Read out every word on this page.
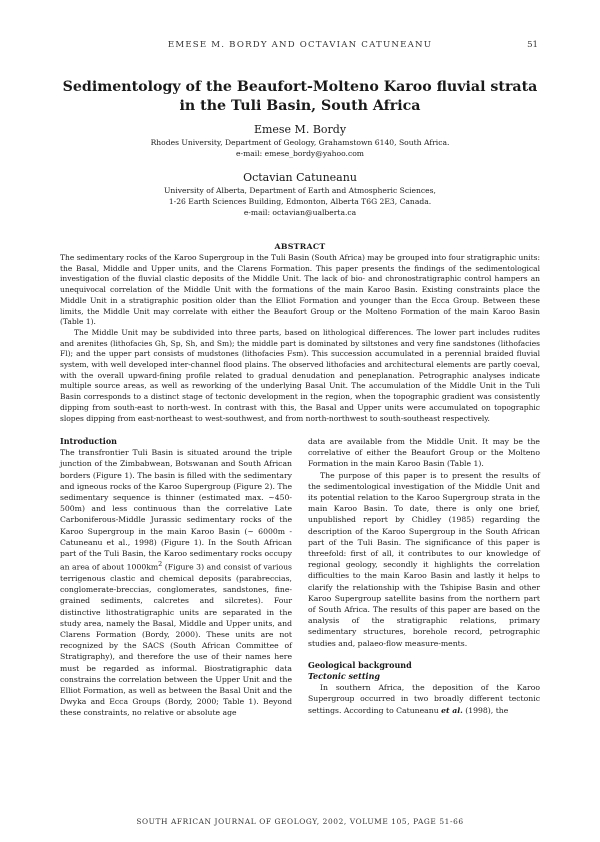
EMESE M. BORDY AND OCTAVIAN CATUNEANU	51
Sedimentology of the Beaufort-Molteno Karoo fluvial strata
in the Tuli Basin, South Africa
Emese M. Bordy
Rhodes University, Department of Geology, Grahamstown 6140, South Africa.
e-mail: emese_bordy@yahoo.com
Octavian Catuneanu
University of Alberta, Department of Earth and Atmospheric Sciences,
1-26 Earth Sciences Building, Edmonton, Alberta T6G 2E3, Canada.
e-mail: octavian@ualberta.ca
ABSTRACT

The sedimentary rocks of the Karoo Supergroup in the Tuli Basin (South Africa) may be grouped into four stratigraphic units: the Basal, Middle and Upper units, and the Clarens Formation. This paper presents the findings of the sedimentological investigation of the fluvial clastic deposits of the Middle Unit. The lack of bio- and chronostratigraphic control hampers an unequivocal correlation of the Middle Unit with the formations of the main Karoo Basin. Existing constraints place the Middle Unit in a stratigraphic position older than the Elliot Formation and younger than the Ecca Group. Between these limits, the Middle Unit may correlate with either the Beaufort Group or the Molteno Formation of the main Karoo Basin (Table 1).

The Middle Unit may be subdivided into three parts, based on lithological differences. The lower part includes rudites and arenites (lithofacies Gh, Sp, Sh, and Sm); the middle part is dominated by siltstones and very fine sandstones (lithofacies Fl); and the upper part consists of mudstones (lithofacies Fsm). This succession accumulated in a perennial braided fluvial system, with well developed inter-channel flood plains. The observed lithofacies and architectural elements are partly coeval, with the overall upward-fining profile related to gradual denudation and peneplanation. Petrographic analyses indicate multiple source areas, as well as reworking of the underlying Basal Unit. The accumulation of the Middle Unit in the Tuli Basin corresponds to a distinct stage of tectonic development in the region, when the topographic gradient was consistently dipping from south-east to north-west. In contrast with this, the Basal and Upper units were accumulated on topographic slopes dipping from east-northeast to west-southwest, and from north-northwest to south-southeast respectively.

Introduction

The transfrontier Tuli Basin is situated around the triple junction of the Zimbabwean, Botswanan and South African borders (Figure 1). The basin is filled with the sedimentary and igneous rocks of the Karoo Supergroup (Figure 2). The sedimentary sequence is thinner (estimated max. ~450-500m) and less continuous than the correlative Late Carboniferous-Middle Jurassic sedimentary rocks of the Karoo Supergroup in the main Karoo Basin (~ 6000m - Catuneanu et al., 1998) (Figure 1). In the South African part of the Tuli Basin, the Karoo sedimentary rocks occupy an area of about $1000km^2$ (Figure 3) and consist of various terrigenous clastic and chemical deposits (parabreccias, conglomerate-breccias, conglomerates, sandstones, fine-grained sediments, calcretes and silcretes). Four distinctive lithostratigraphic units are separated in the study area, namely the Basal, Middle and Upper units, and Clarens Formation (Bordy, 2000). These units are not recognized by the SACS (South African Committee of Stratigraphy), and therefore the use of their names here must be regarded as informal. Biostratigraphic data constrains the correlation between the Upper Unit and the Elliot Formation, as well as between the Basal Unit and the Dwyka and Ecca Groups (Bordy, 2000; Table 1). Beyond these constraints, no relative or absolute age

data are available from the Middle Unit. It may be the correlative of either the Beaufort Group or the Molteno Formation in the main Karoo Basin (Table 1).

The purpose of this paper is to present the results of the sedimentological investigation of the Middle Unit and its potential relation to the Karoo Supergroup strata in the main Karoo Basin. To date, there is only one brief, unpublished report by Chidley (1985) regarding the description of the Karoo Supergroup in the South African part of the Tuli Basin. The significance of this paper is threefold: first of all, it contributes to our knowledge of regional geology, secondly it highlights the correlation difficulties to the main Karoo Basin and lastly it helps to clarify the relationship with the Tshipise Basin and other Karoo Supergroup satellite basins from the northern part of South Africa. The results of this paper are based on the analysis of the stratigraphic relations, primary sedimentary structures, borehole record, petrographic studies and, palaeo-flow measure-ments.

Geological background
Tectonic setting

In southern Africa, the deposition of the Karoo Supergroup occurred in two broadly different tectonic settings. According to Catuneanu et al. (1998), the

SOUTH AFRICAN JOURNAL OF GEOLOGY, 2002, VOLUME 105, PAGE 51-66
